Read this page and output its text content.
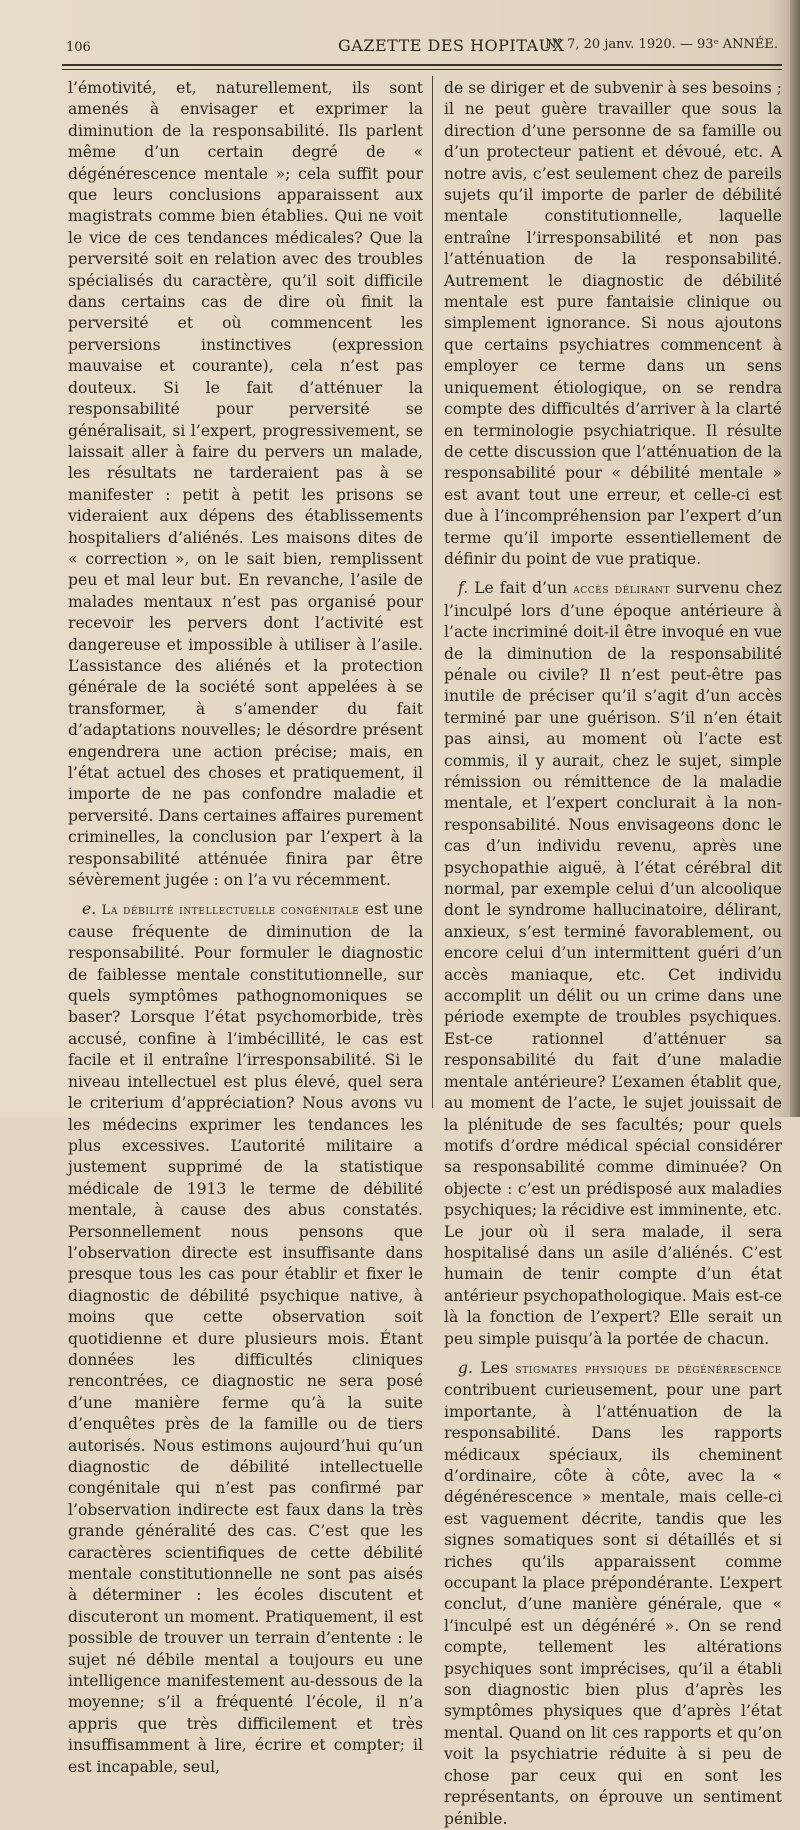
106	GAZETTE DES HOPITAUX
N° 7, 20 janv. 1920. — 93ᵉ ANNÉE.

l’émotivité, et, naturellement, ils sont amenés à envisager et exprimer la diminution de la responsabilité. Ils parlent même d’un certain degré de « dégénérescence mentale »; cela suffit pour que leurs conclusions apparaissent aux magistrats comme bien établies. Qui ne voit le vice de ces tendances médicales? Que la perversité soit en relation avec des troubles spécialisés du caractère, qu’il soit difficile dans certains cas de dire où finit la perversité et où commencent les perversions instinctives (expression mauvaise et courante), cela n’est pas douteux. Si le fait d’atténuer la responsabilité pour perversité se généralisait, si l’expert, progressivement, se laissait aller à faire du pervers un malade, les résultats ne tarderaient pas à se manifester : petit à petit les prisons se videraient aux dépens des établissements hospitaliers d’aliénés. Les maisons dites de « correction », on le sait bien, remplissent peu et mal leur but. En revanche, l’asile de malades mentaux n’est pas organisé pour recevoir les pervers dont l’activité est dangereuse et impossible à utiliser à l’asile. L’assistance des aliénés et la protection générale de la société sont appelées à se transformer, à s’amender du fait d’adaptations nouvelles; le désordre présent engendrera une action précise; mais, en l’état actuel des choses et pratiquement, il importe de ne pas confondre maladie et perversité. Dans certaines affaires purement criminelles, la conclusion par l’expert à la responsabilité atténuée finira par être sévèrement jugée : on l’a vu récemment.

e. La débilité intellectuelle congénitale est une cause fréquente de diminution de la responsabilité. Pour formuler le diagnostic de faiblesse mentale constitutionnelle, sur quels symptômes pathognomoniques se baser? Lorsque l’état psychomorbide, très accusé, confine à l’imbécillité, le cas est facile et il entraîne l’irresponsabilité. Si le niveau intellectuel est plus élevé, quel sera le criterium d’appréciation? Nous avons vu les médecins exprimer les tendances les plus excessives. L’autorité militaire a justement supprimé de la statistique médicale de 1913 le terme de débilité mentale, à cause des abus constatés. Personnellement nous pensons que l’observation directe est insuffisante dans presque tous les cas pour établir et fixer le diagnostic de débilité psychique native, à moins que cette observation soit quotidienne et dure plusieurs mois. Étant données les difficultés cliniques rencontrées, ce diagnostic ne sera posé d’une manière ferme qu’à la suite d’enquêtes près de la famille ou de tiers autorisés. Nous estimons aujourd’hui qu’un diagnostic de débilité intellectuelle congénitale qui n’est pas confirmé par l’observation indirecte est faux dans la très grande généralité des cas. C’est que les caractères scientifiques de cette débilité mentale constitutionnelle ne sont pas aisés à déterminer : les écoles discutent et discuteront un moment. Pratiquement, il est possible de trouver un terrain d’entente : le sujet né débile mental a toujours eu une intelligence manifestement au-dessous de la moyenne; s’il a fréquenté l’école, il n’a appris que très difficilement et très insuffisamment à lire, écrire et compter; il est incapable, seul,

de se diriger et de subvenir à ses besoins ; il ne peut guère travailler que sous la direction d’une personne de sa famille ou d’un protecteur patient et dévoué, etc. A notre avis, c’est seulement chez de pareils sujets qu’il importe de parler de débilité mentale constitutionnelle, laquelle entraîne l’irresponsabilité et non pas l’atténuation de la responsabilité. Autrement le diagnostic de débilité mentale est pure fantaisie clinique ou simplement ignorance. Si nous ajoutons que certains psychiatres commencent à employer ce terme dans un sens uniquement étiologique, on se rendra compte des difficultés d’arriver à la clarté en terminologie psychiatrique. Il résulte de cette discussion que l’atténuation de la responsabilité pour « débilité mentale » est avant tout une erreur, et celle-ci est due à l’incompréhension par l’expert d’un terme qu’il importe essentiellement de définir du point de vue pratique.

f. Le fait d’un accès délirant survenu chez l’inculpé lors d’une époque antérieure à l’acte incriminé doit-il être invoqué en vue de la diminution de la responsabilité pénale ou civile? Il n’est peut-être pas inutile de préciser qu’il s’agit d’un accès terminé par une guérison. S’il n’en était pas ainsi, au moment où l’acte est commis, il y aurait, chez le sujet, simple rémission ou rémittence de la maladie mentale, et l’expert conclurait à la non-responsabilité. Nous envisageons donc le cas d’un individu revenu, après une psychopathie aiguë, à l’état cérébral dit normal, par exemple celui d’un alcoolique dont le syndrome hallucinatoire, délirant, anxieux, s’est terminé favorablement, ou encore celui d’un intermittent guéri d’un accès maniaque, etc. Cet individu accomplit un délit ou un crime dans une période exempte de troubles psychiques. Est-ce rationnel d’atténuer sa responsabilité du fait d’une maladie mentale antérieure? L’examen établit que, au moment de l’acte, le sujet jouissait de la plénitude de ses facultés; pour quels motifs d’ordre médical spécial considérer sa responsabilité comme diminuée? On objecte : c’est un prédisposé aux maladies psychiques; la récidive est imminente, etc. Le jour où il sera malade, il sera hospitalisé dans un asile d’aliénés. C’est humain de tenir compte d’un état antérieur psychopathologique. Mais est-ce là la fonction de l’expert? Elle serait un peu simple puisqu’à la portée de chacun.

g. Les stigmates physiques de dégénérescence contribuent curieusement, pour une part importante, à l’atténuation de la responsabilité. Dans les rapports médicaux spéciaux, ils cheminent d’ordinaire, côte à côte, avec la « dégénérescence » mentale, mais celle-ci est vaguement décrite, tandis que les signes somatiques sont si détaillés et si riches qu’ils apparaissent comme occupant la place prépondérante. L’expert conclut, d’une manière générale, que « l’inculpé est un dégénéré ». On se rend compte, tellement les altérations psychiques sont imprécises, qu’il a établi son diagnostic bien plus d’après les symptômes physiques que d’après l’état mental. Quand on lit ces rapports et qu’on voit la psychiatrie réduite à si peu de chose par ceux qui en sont les représentants, on éprouve un sentiment pénible.
